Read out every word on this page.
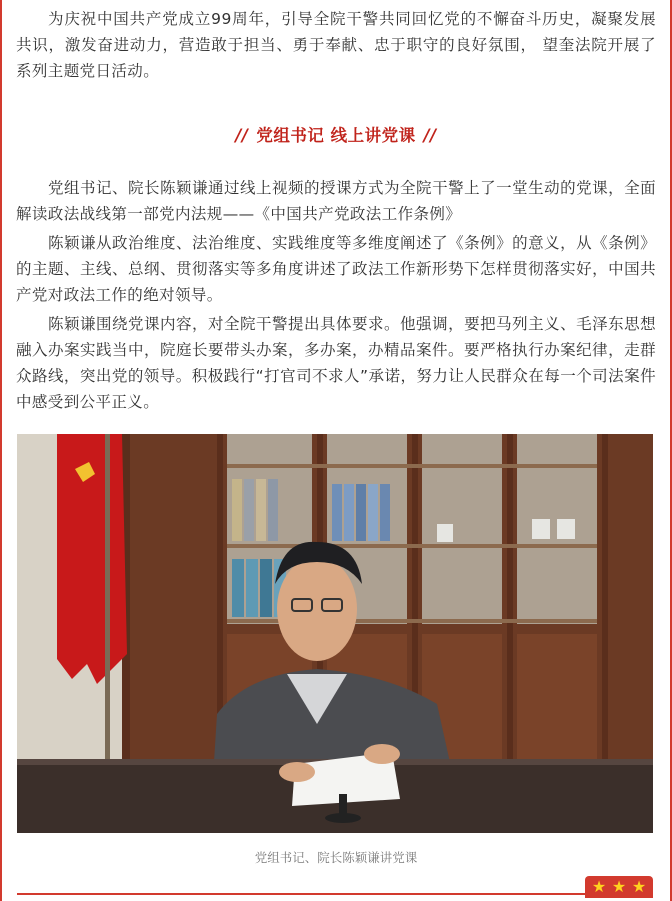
为庆祝中国共产党成立99周年，引导全院干警共同回忆党的不懈奋斗历史，凝聚发展共识，激发奋进动力，营造敢于担当、勇于奉献、忠于职守的良好氛围， 望奎法院开展了系列主题党日活动。

// 党组书记 线上讲党课 //

党组书记、院长陈颖谦通过线上视频的授课方式为全院干警上了一堂生动的党课，全面解读政法战线第一部党内法规——《中国共产党政法工作条例》

陈颖谦从政治维度、法治维度、实践维度等多维度阐述了《条例》的意义，从《条例》的主题、主线、总纲、贯彻落实等多角度讲述了政法工作新形势下怎样贯彻落实好，中国共产党对政法工作的绝对领导。

陈颖谦围绕党课内容，对全院干警提出具体要求。他强调，要把马列主义、毛泽东思想融入办案实践当中，院庭长要带头办案，多办案，办精品案件。要严格执行办案纪律，走群众路线，突出党的领导。积极践行“打官司不求人”承诺，努力让人民群众在每一个司法案件中感受到公平正义。

党组书记、院长陈颖谦讲党课
★ ★ ★
